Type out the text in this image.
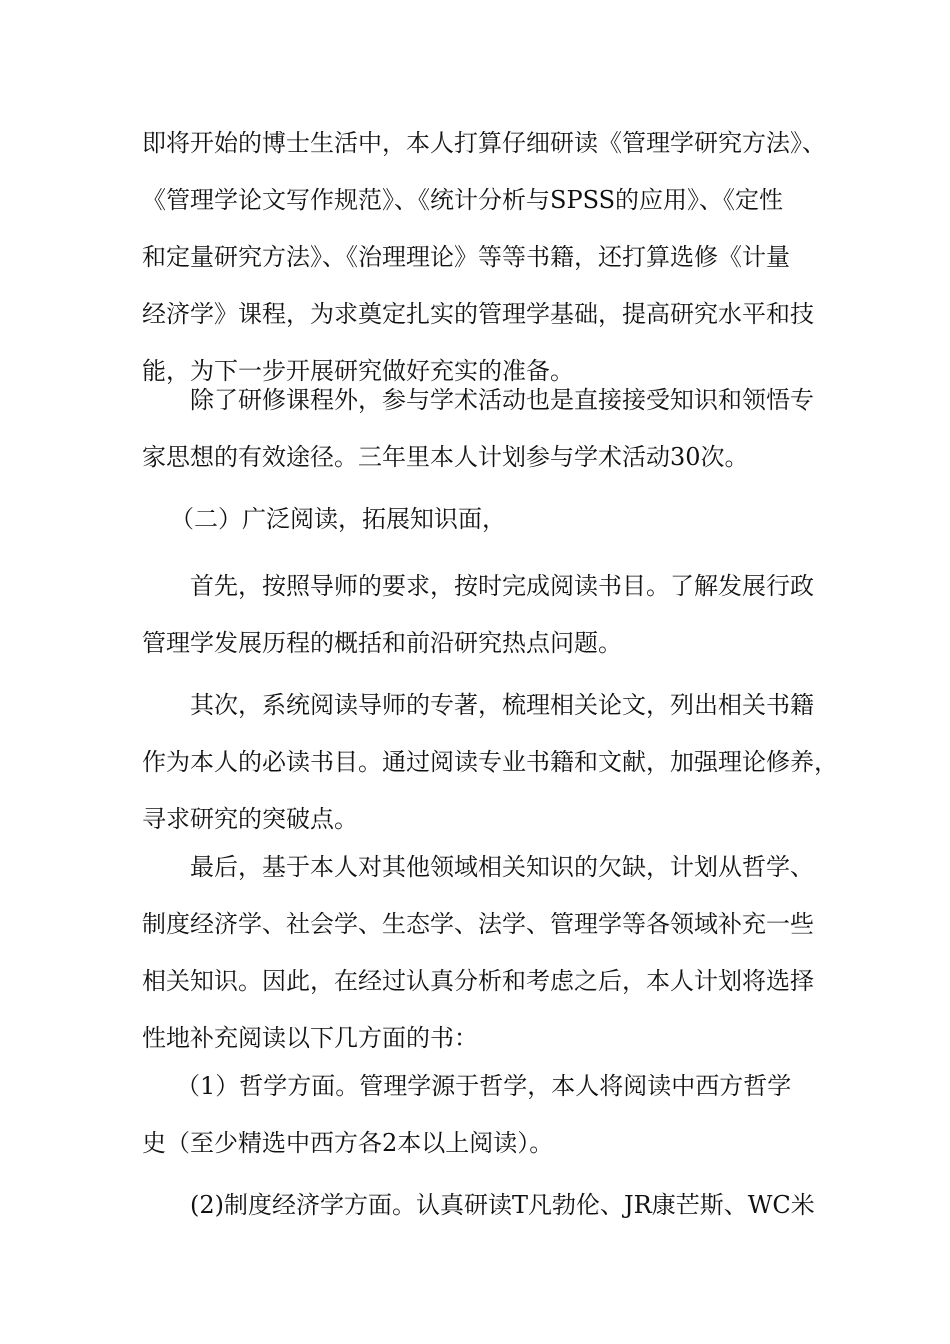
即将开始的博士生活中，本人打算仔细研读《管理学研究方法》、
《管理学论文写作规范》、《统计分析与SPSS的应用》、《定性
和定量研究方法》、《治理理论》等等书籍，还打算选修《计量
经济学》课程，为求奠定扎实的管理学基础，提高研究水平和技
能，为下一步开展研究做好充实的准备。
除了研修课程外，参与学术活动也是直接接受知识和领悟专
家思想的有效途径。三年里本人计划参与学术活动30次。
（二）广泛阅读，拓展知识面，
首先，按照导师的要求，按时完成阅读书目。了解发展行政
管理学发展历程的概括和前沿研究热点问题。
其次，系统阅读导师的专著，梳理相关论文，列出相关书籍
作为本人的必读书目。通过阅读专业书籍和文献，加强理论修养，
寻求研究的突破点。
最后，基于本人对其他领域相关知识的欠缺，计划从哲学、
制度经济学、社会学、生态学、法学、管理学等各领域补充一些
相关知识。因此，在经过认真分析和考虑之后，本人计划将选择
性地补充阅读以下几方面的书：
（1）哲学方面。管理学源于哲学，本人将阅读中西方哲学
史（至少精选中西方各2本以上阅读）。
(2)制度经济学方面。认真研读T凡勃伦、JR康芒斯、WC米
